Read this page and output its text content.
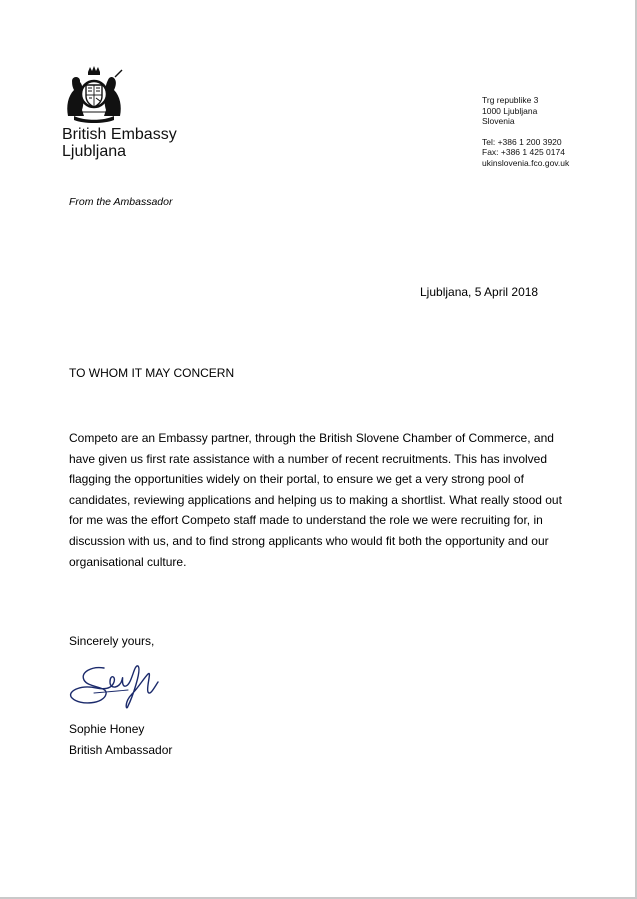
British Embassy
Ljubljana
Trg republike 3
1000 Ljubljana
Slovenia
Tel: +386 1 200 3920
Fax: +386 1 425 0174
ukinslovenia.fco.gov.uk
From the Ambassador
Ljubljana, 5 April 2018
TO WHOM IT MAY CONCERN
Competo are an Embassy partner, through the British Slovene Chamber of Commerce, and have given us first rate assistance with a number of recent recruitments. This has involved flagging the opportunities widely on their portal, to ensure we get a very strong pool of candidates, reviewing applications and helping us to making a shortlist. What really stood out for me was the effort Competo staff made to understand the role we were recruiting for, in discussion with us, and to find strong applicants who would fit both the opportunity and our organisational culture.
Sincerely yours,
Sophie Honey
British Ambassador
